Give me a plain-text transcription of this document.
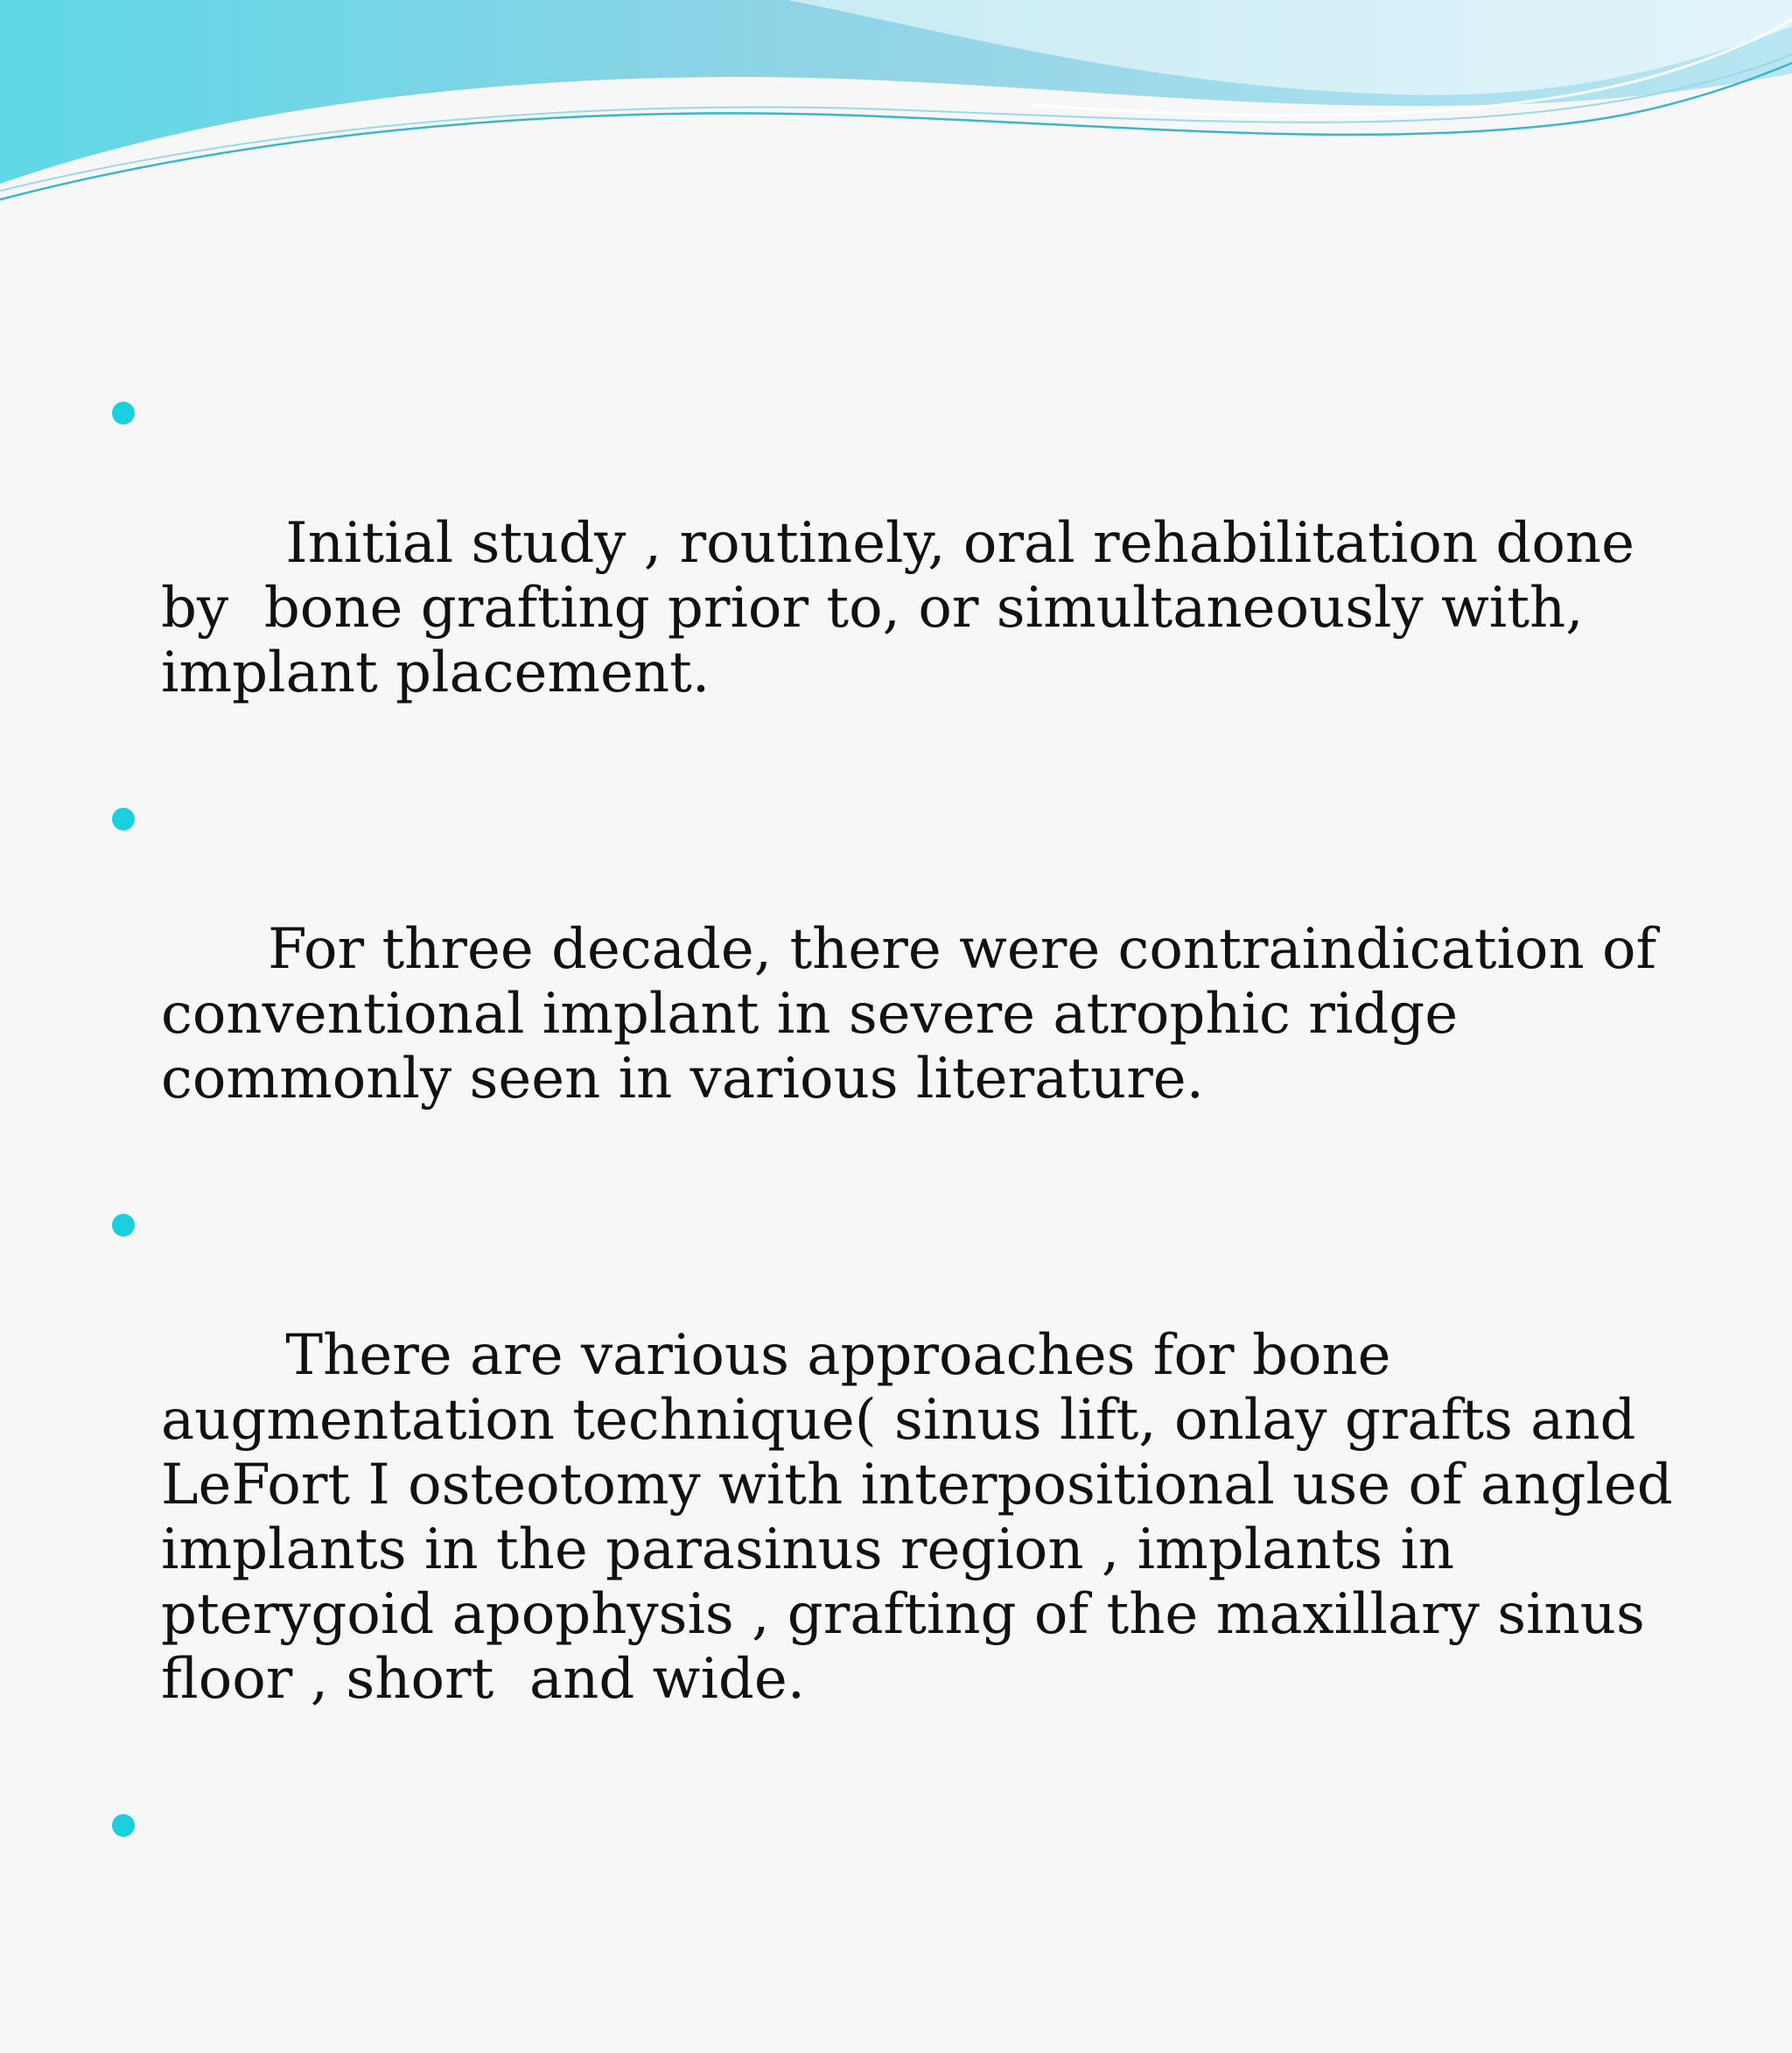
Initial study , routinely, oral rehabilitation done by  bone grafting prior to, or simultaneously with, implant placement.

For three decade, there were contraindication of conventional implant in severe atrophic ridge commonly seen in various literature.

There are various approaches for bone augmentation technique( sinus lift, onlay grafts and LeFort I osteotomy with interpositional use of angled implants in the parasinus region , implants in pterygoid apophysis , grafting of the maxillary sinus floor , short  and wide.
